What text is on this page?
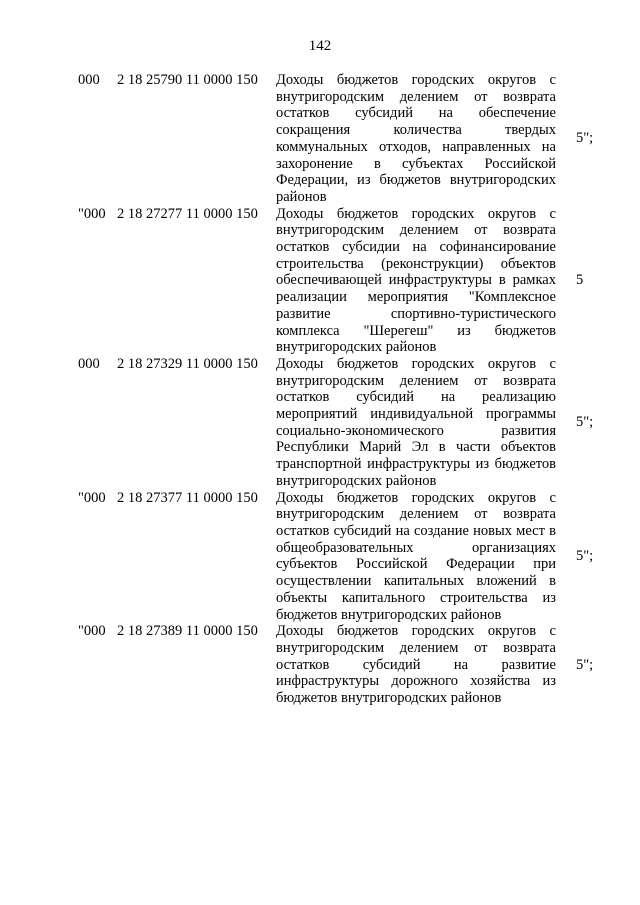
142
000 2 18 25790 11 0000 150 Доходы бюджетов городских округов с внутригородским делением от возврата остатков субсидий на обеспечение сокращения количества твердых коммунальных отходов, направленных на захоронение в субъектах Российской Федерации, из бюджетов внутригородских районов
5";
"000 2 18 27277 11 0000 150 Доходы бюджетов городских округов с внутригородским делением от возврата остатков субсидии на софинансирование строительства (реконструкции) объектов обеспечивающей инфраструктуры в рамках реализации мероприятия "Комплексное развитие спортивно-туристического комплекса "Шерегеш" из бюджетов внутригородских районов
5
000 2 18 27329 11 0000 150 Доходы бюджетов городских округов с внутригородским делением от возврата остатков субсидий на реализацию мероприятий индивидуальной программы социально-экономического развития Республики Марий Эл в части объектов транспортной инфраструктуры из бюджетов внутригородских районов
5";
"000 2 18 27377 11 0000 150 Доходы бюджетов городских округов с внутригородским делением от возврата остатков субсидий на создание новых мест в общеобразовательных организациях субъектов Российской Федерации при осуществлении капитальных вложений в объекты капитального строительства из бюджетов внутригородских районов
5";
"000 2 18 27389 11 0000 150 Доходы бюджетов городских округов с внутригородским делением от возврата остатков субсидий на развитие инфраструктуры дорожного хозяйства из бюджетов внутригородских районов
5";
